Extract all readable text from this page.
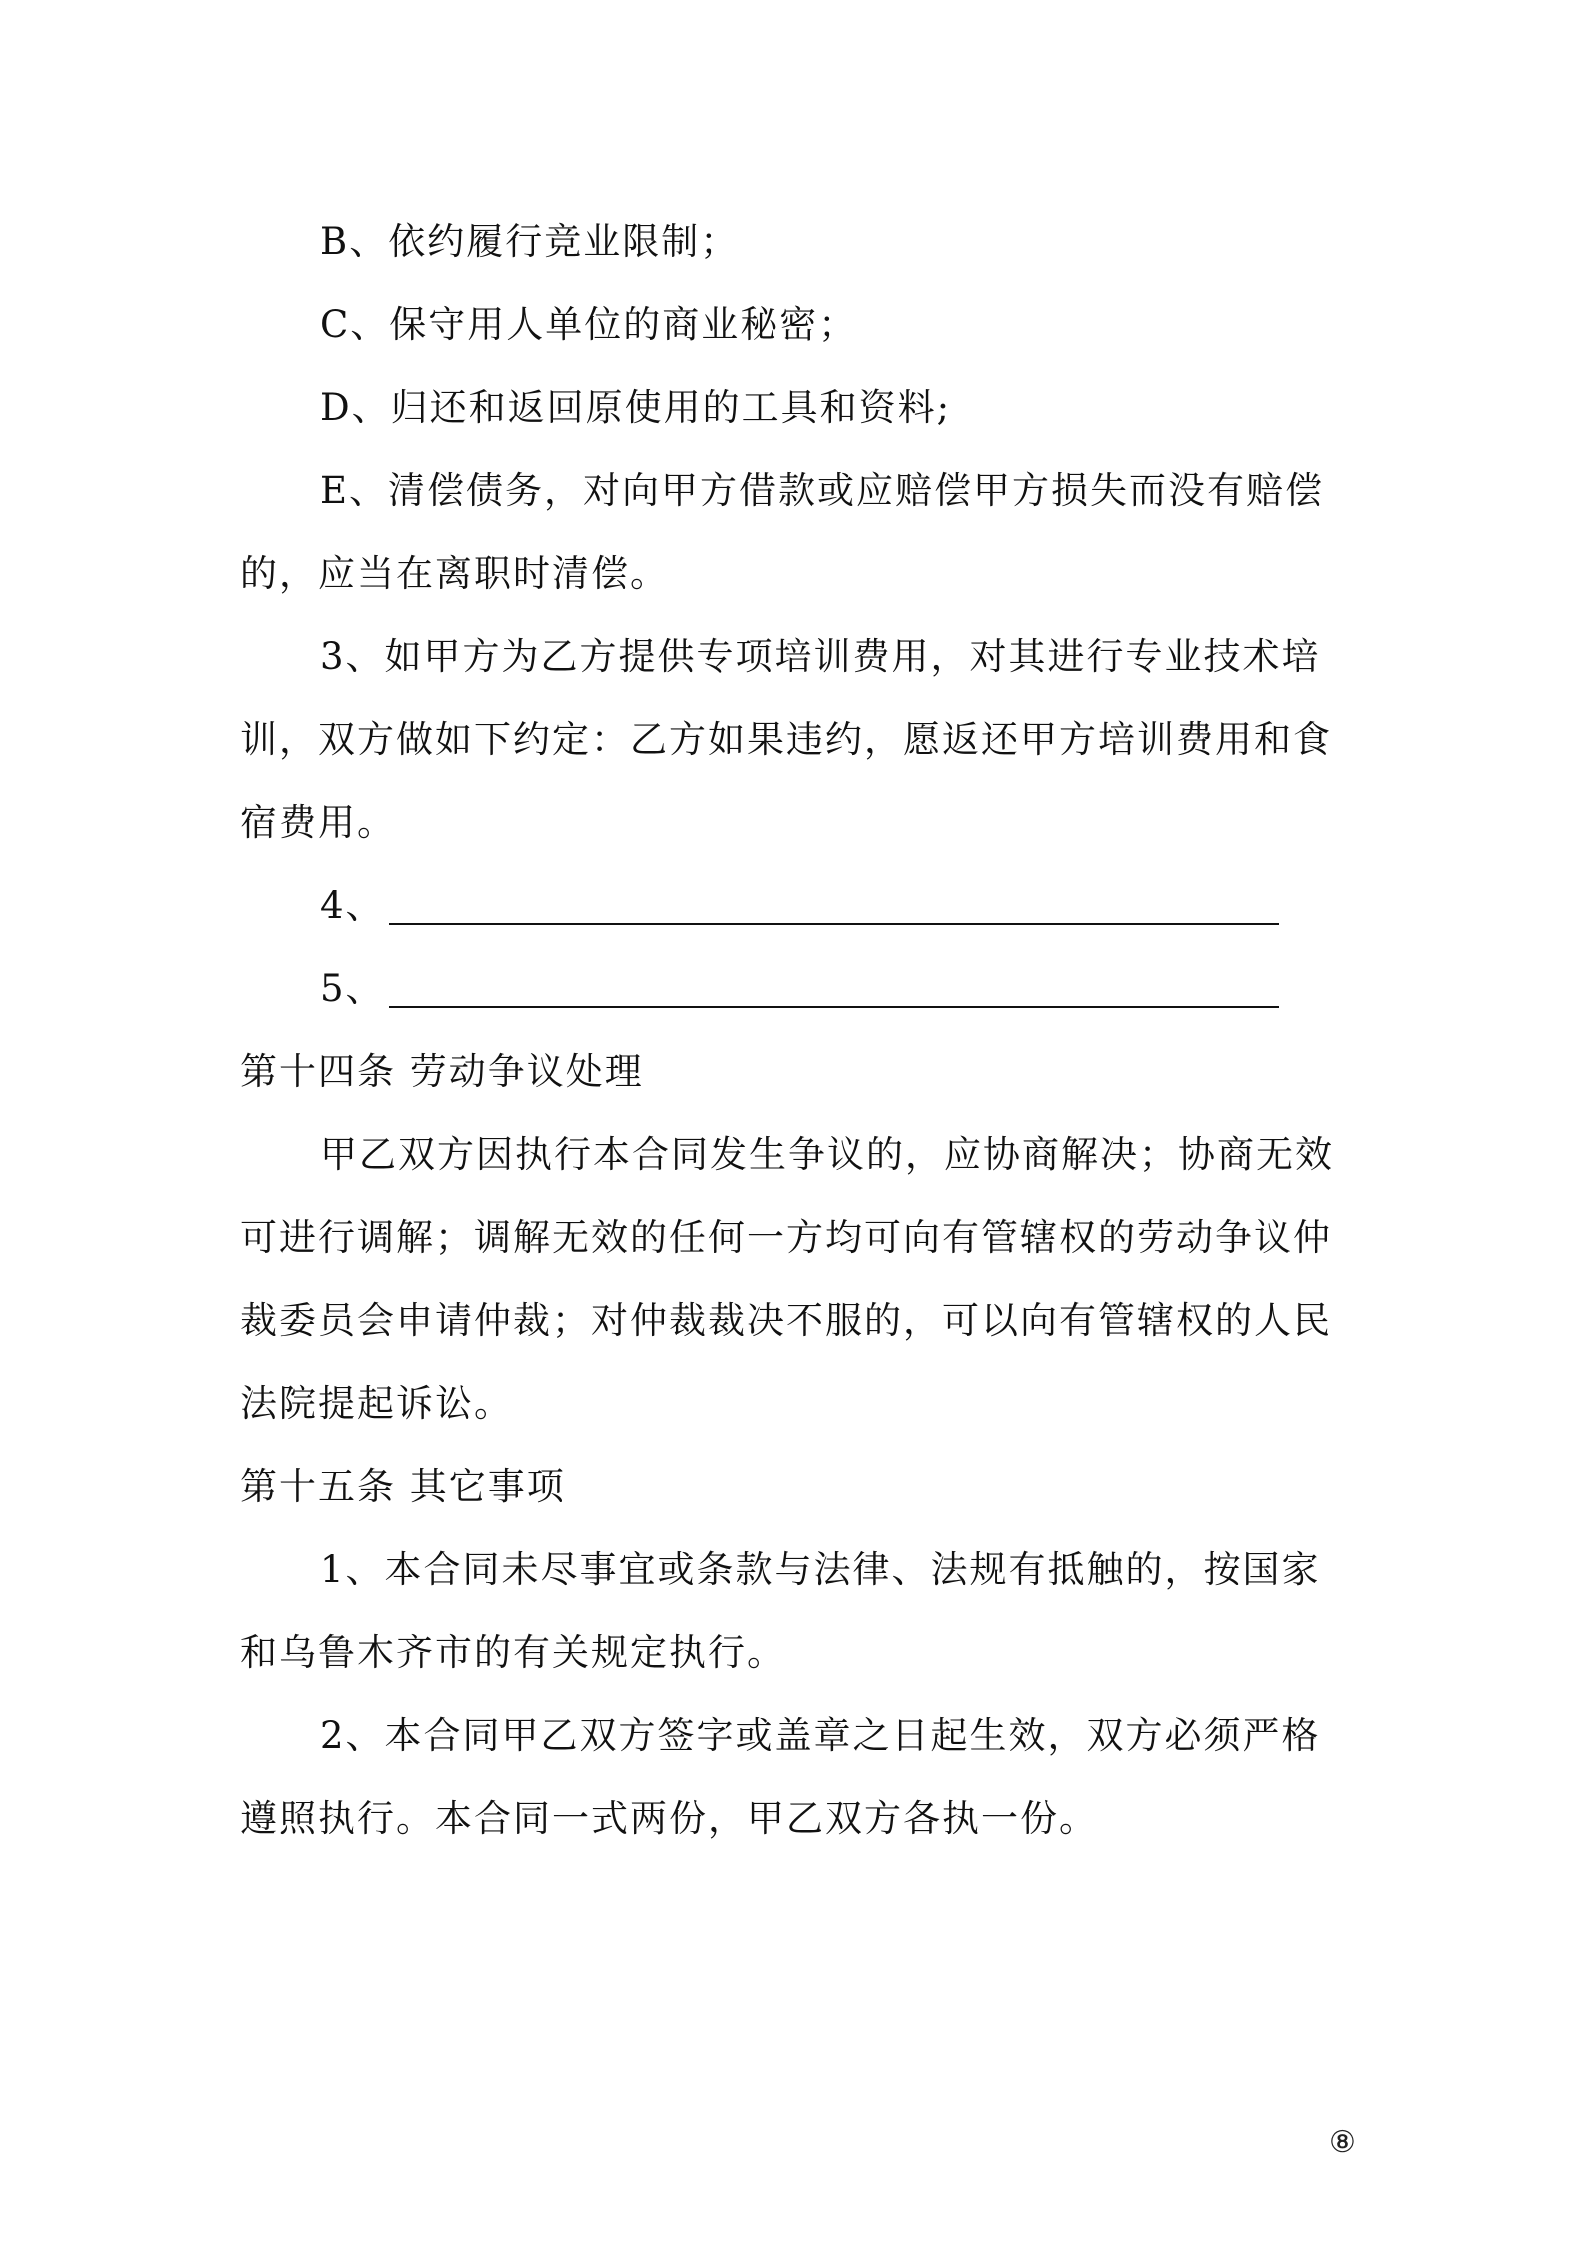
B、依约履行竞业限制；
C、保守用人单位的商业秘密；
D、归还和返回原使用的工具和资料;
E、清偿债务，对向甲方借款或应赔偿甲方损失而没有赔偿
的，应当在离职时清偿。
3、如甲方为乙方提供专项培训费用，对其进行专业技术培
训，双方做如下约定：乙方如果违约，愿返还甲方培训费用和食
宿费用。
4、
5、
第十四条 劳动争议处理
甲乙双方因执行本合同发生争议的，应协商解决；协商无效
可进行调解；调解无效的任何一方均可向有管辖权的劳动争议仲
裁委员会申请仲裁；对仲裁裁决不服的，可以向有管辖权的人民
法院提起诉讼。
第十五条 其它事项
1、本合同未尽事宜或条款与法律、法规有抵触的，按国家
和乌鲁木齐市的有关规定执行。
2、本合同甲乙双方签字或盖章之日起生效，双方必须严格
遵照执行。本合同一式两份，甲乙双方各执一份。
⑧
